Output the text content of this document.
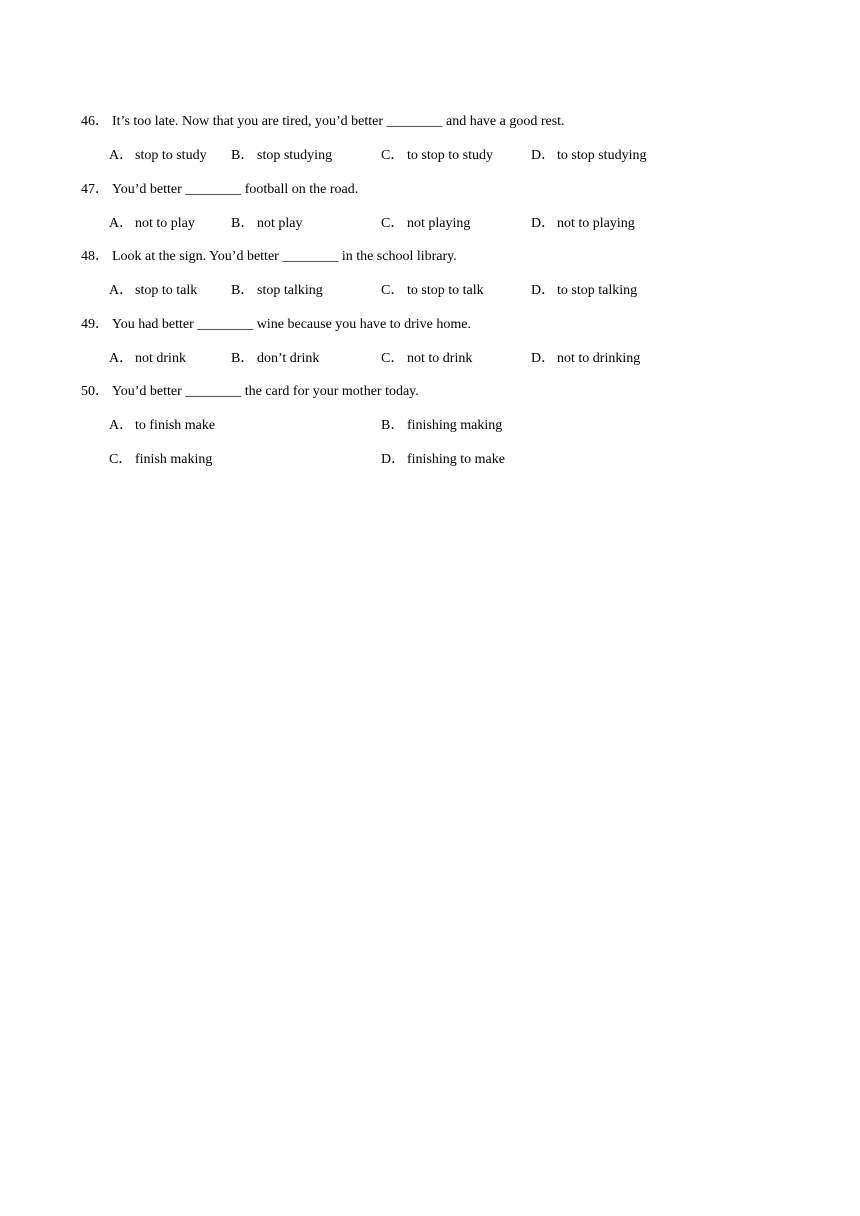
46． It’s too late. Now that you are tired, you’d better ________ and have a good rest.
A． stop to study B． stop studying	C． to stop to study	D． to stop studying
47． You’d better ________ football on the road.
A． not to play	B． not play	C． not playing	D． not to playing
48． Look at the sign. You’d better ________ in the school library.
A． stop to talk B． stop talking	C． to stop to talk	D． to stop talking
49． You had better ________ wine because you have to drive home.
A． not drink	B． don’t drink	C． not to drink	D． not to drinking
50． You’d better ________ the card for your mother today.
A． to finish make	B． finishing making
C． finish making	D． finishing to make
